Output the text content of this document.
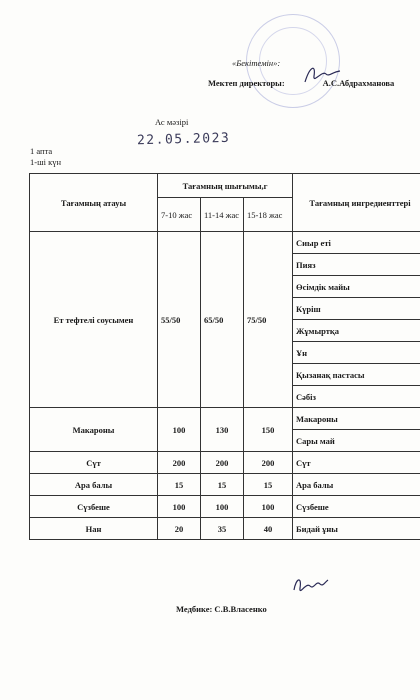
«Бекітемін»:
Мектеп директоры:	А.С.Абдрахманова
Ас мәзірі
22.05.2023
1 апта
1-ші күн
Тағамның атауы	Тағамның шығымы,г			Тағамның ингредиенттері
	7-10 жас	11-14 жас	15-18 жас	
Ет тефтелі соусымен	55/50	65/50	75/50	Сиыр еті
				Пияз
				Өсімдік майы
				Күріш
				Жұмыртқа
				Ұн
				Қызанақ пастасы
				Сәбіз
Макароны	100	130	150	Макароны
				Сары май
Сүт	200	200	200	Сүт
Ара балы	15	15	15	Ара балы
Сүзбеше	100	100	100	Сүзбеше
Нан	20	35	40	Бидай ұны
Медбике: С.В.Власенко
